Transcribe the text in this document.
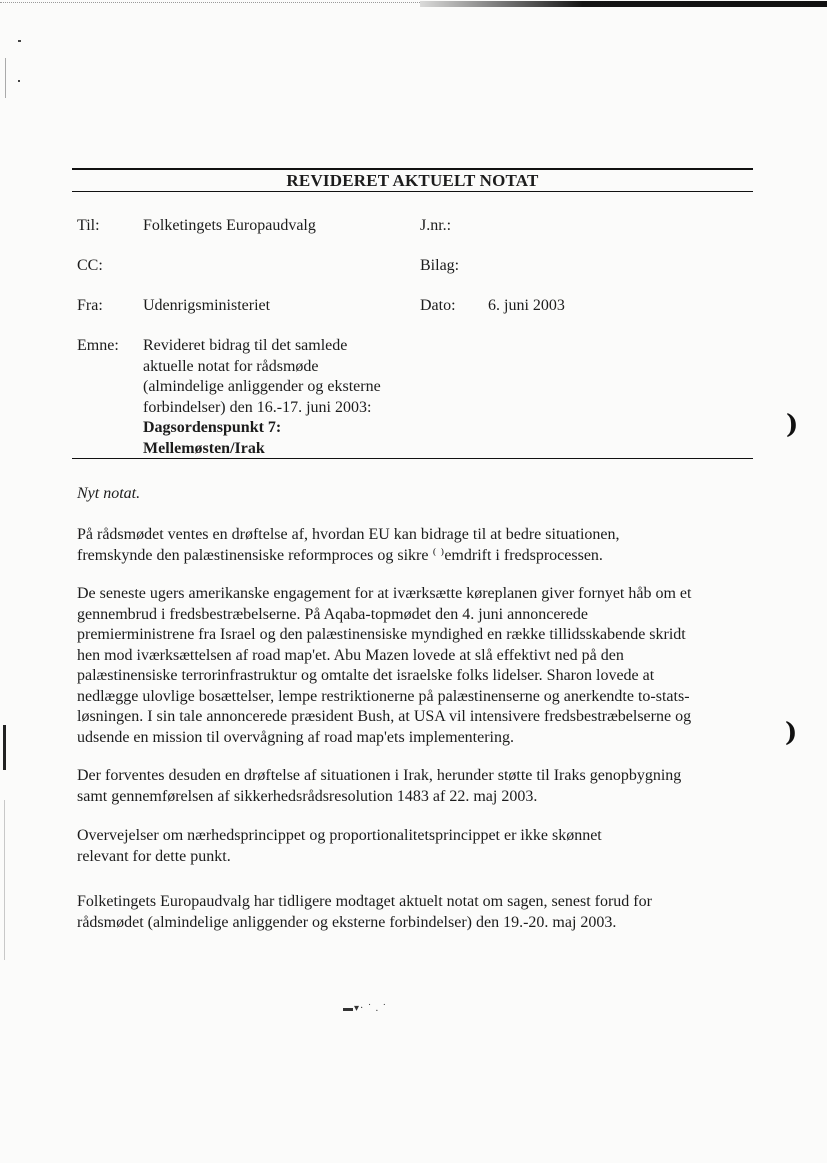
)
)
REVIDERET AKTUELT NOTAT
Til:	Folketingets Europaudvalg	J.nr.:
CC:	Bilag:
Fra:	Udenrigsministeriet	Dato: 6. juni 2003
Emne: Revideret bidrag til det samlede
aktuelle notat for rådsmøde
(almindelige anliggender og eksterne
forbindelser) den 16.-17. juni 2003:
Dagsordenspunkt 7:
Mellemøsten/Irak
Nyt notat.
På rådsmødet ventes en drøftelse af, hvordan EU kan bidrage til at bedre situationen,
fremskynde den palæstinensiske reformproces og sikre ⁽ ⁾emdrift i fredsprocessen.
De seneste ugers amerikanske engagement for at iværksætte køreplanen giver fornyet håb om et
gennembrud i fredsbestræbelserne. På Aqaba-topmødet den 4. juni annoncerede
premierministrene fra Israel og den palæstinensiske myndighed en række tillidsskabende skridt
hen mod iværksættelsen af road map'et. Abu Mazen lovede at slå effektivt ned på den
palæstinensiske terrorinfrastruktur og omtalte det israelske folks lidelser. Sharon lovede at
nedlægge ulovlige bosættelser, lempe restriktionerne på palæstinenserne og anerkendte to-stats-
løsningen. I sin tale annoncerede præsident Bush, at USA vil intensivere fredsbestræbelserne og
udsende en mission til overvågning af road map'ets implementering.
Der forventes desuden en drøftelse af situationen i Irak, herunder støtte til Iraks genopbygning
samt gennemførelsen af sikkerhedsrådsresolution 1483 af 22. maj 2003.
Overvejelser om nærhedsprincippet og proportionalitetsprincippet er ikke skønnet
relevant for dette punkt.
Folketingets Europaudvalg har tidligere modtaget aktuelt notat om sagen, senest forud for
rådsmødet (almindelige anliggender og eksterne forbindelser) den 19.-20. maj 2003.
▬▾· ˙ . ˙
